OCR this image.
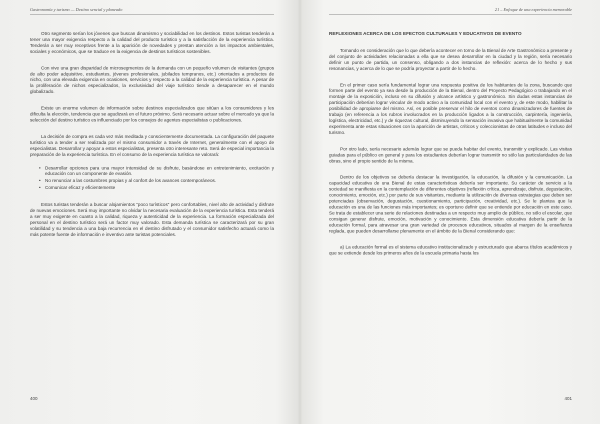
Gastronomía y turismo — Destino sencial y planeado

Otro segmento serían los jóvenes que buscan dinamismo y sociabilidad en los destinos. Estos turistas tenderán a tener una mayor exigencia respecto a la calidad del producto turístico y a la satisfacción de la experiencia turística. Tenderán a ser muy receptivos frente a la aparición de novedades y prestan atención a los impactos ambientales, sociales y económicos, que se traduce en la exigencia de destinos turísticos sostenibles.

Con vive una gran disparidad de microsegmentos de la demanda con un pequeño volumen de visitantes (grupos de alto poder adquisitivo, estudiantes, jóvenes profesionales, jubilados tempranos, etc.) orientados a productos de nicho, con una elevada exigencia en ocasiones, servicios y respecto a la calidad de la experiencia turística. A pesar de la proliferación de nichos especializados, la exclusividad del viaje turístico tiende a desaparecer en el mundo globalizado.

Existe un enorme volumen de información sobre destinos especializados que sitúan a los consumidores y les dificulta la elección, tendencia que se agudizará en el futuro próximo. Será necesario actuar sobre el mercado ya que la selección del destino turístico es influenciado por los consejos de agentes especialistas o publicaciones.

La decisión de compra es cada vez más meditada y conscientemente documentada. La configuración del paquete turístico va a tender a ser realizada por el mismo consumidor a través de Internet, generalmente con el apoyo de especialistas. Desarrollar y apoyar a estos especialistas, presenta otro interesante reto. Será de especial importancia la preparación de la experiencia turística. En el consumo de la experiencia turística se valorará:

• Desarrollar opciones para una mayor intensidad de su disfrute, basándose en entretenimiento, excitación y educación con un componente de evasión.
• No renunciar a las costumbres propias y al confort de los avances contemporáneos.
• Comunicar eficaz y eficientemente

Estos turistas tenderán a buscar alojamientos “poco turísticos” pero confortables, nivel alto de actividad y disfrute de nuevas emociones. Será muy importante no olvidar la necesaria evaluación de la experiencia turística. Esta tenderá a ser muy exigente en cuanto a la calidad, riqueza y autenticidad de la experiencia. La formación especializada del personal en el destino turístico será un factor muy valorado. Esta demanda turística se caracterizará por su gran volatilidad y su tendencia a una baja recurrencia en el destino disfrutado y el consumidor satisfecho actuará como la más potente fuente de información e inventivo ante turistas potenciales.

400
21 – Enfoque de una experiencia memorable
REFLEXIONES ACERCA DE LOS EFECTOS CULTURALES Y EDUCATIVOS DE EVENTO

Tomando en consideración que lo que debería acontecer en torno de la Bienal de Arte Gastronómico a presente y del conjunto de actividades relacionadas a ella que se desea desarrollar en la ciudad y la región, sería necesario definir un punto de partida, un consenso, obligando a dos instancias de reflexión: acerca de lo hecho y sus resonancias, y acerca de lo que se podría proyectar a partir de lo hecho.

En el primer caso sería fundamental lograr una respuesta positiva de los habitantes de la zona, buscando que formen parte del evento ya sea desde la producción de la Bienal, dentro del Proyecto Pedagógico o trabajando en el montaje de la exposición, incluso en su difusión y alcance artístico y gastronómico. Sin dudas estas instancias de participación deberían lograr vincular de modo activo a la comunidad local con el evento y, de este modo, habilitar la posibilidad de apropiarse del mismo. Así, es posible preservar el hilo de eventos como dinamizadores de fuentes de trabajo (en referencia a los rubros involucrados en la producción ligados a la construcción, carpintería, ingeniería, logística, electricidad, etc.) y de riquezas cultural, disminuyendo la sensación invasiva que habitualmente la comunidad experimenta ante estas situaciones con la aparición de artistas, críticos y coleccionistas de otras latitudes e incluso del turismo.

Por otro lado, sería necesario además lograr que se pueda habitar del evento, transmitir y explicado. Las visitas guiadas para el público en general y para los estudiantes deberían lograr transmitir no sólo las particularidades de las obras, sino el propio sentido de la misma.

Dentro de los objetivos se debería destacar la investigación, la educación, la difusión y la comunicación. La capacidad educativa de una Bienal de estas características debería ser importante. Su carácter de servicio a la sociedad se manifiesta en la contemplación de diferentes objetivos (reflexión crítica, aprendizaje, disfrute, degustación, conocimiento, emoción, etc.) por parte de sus visitantes, mediante la utilización de diversas estrategias que deben ser potenciadas (observación, degustación, cuestionamiento, participación, creatividad, etc.). Se le plantea que la educación es una de las funciones más importantes; es oportuno definir que se entiende por educación en este caso. Se trata de establecer una serie de relaciones destinadas a un respecto muy amplio de público, no sólo el escolar, que consigan generar disfrute, emoción, motivación y conocimiento. Esta dimensión educativa debería partir de la educación formal, para atravesar una gran variedad de procesos educativos, situados al margen de la enseñanza reglada, que pueden desarrollarse plenamente en el ámbito de la Bienal considerando que:

a) La educación formal es el sistema educativo institucionalizado y estructurado que abarca títulos académicos y que se extiende desde los primeros años de la escuela primaria hasta los

401
